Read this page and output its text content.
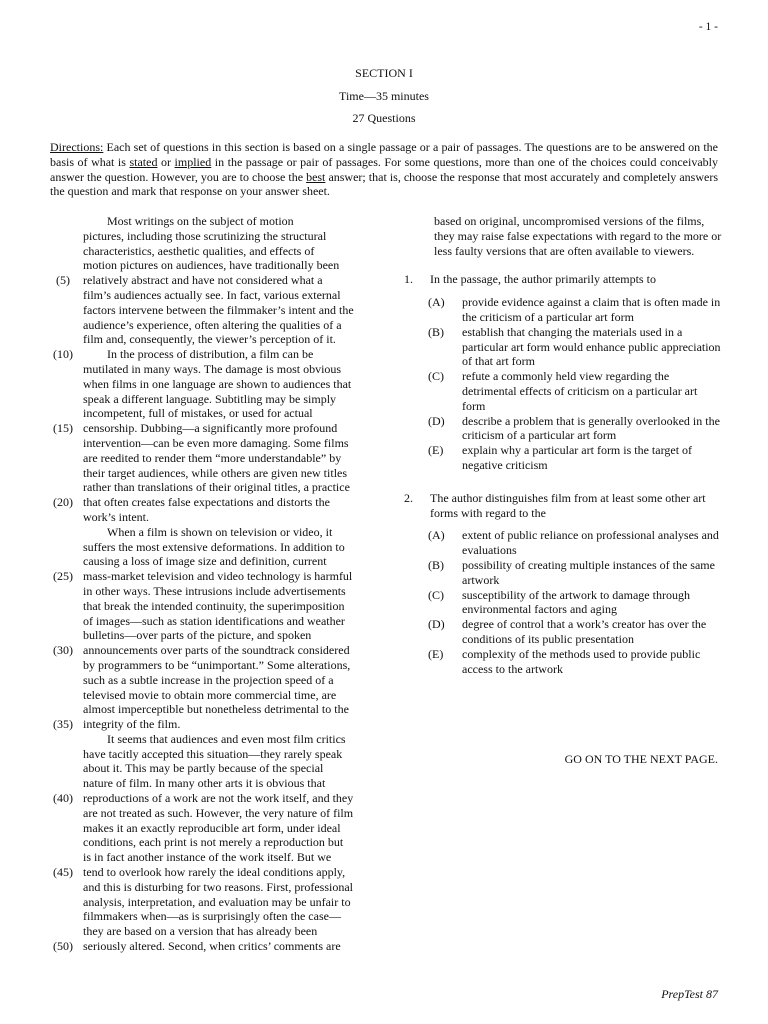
- 1 -
SECTION I
Time—35 minutes
27 Questions
Directions: Each set of questions in this section is based on a single passage or a pair of passages. The questions are to be answered on the basis of what is stated or implied in the passage or pair of passages. For some questions, more than one of the choices could conceivably answer the question. However, you are to choose the best answer; that is, choose the response that most accurately and completely answers the question and mark that response on your answer sheet.
Most writings on the subject of motion
pictures, including those scrutinizing the structural
characteristics, aesthetic qualities, and effects of
motion pictures on audiences, have traditionally been
(5)	relatively abstract and have not considered what a
film’s audiences actually see. In fact, various external
factors intervene between the filmmaker’s intent and the
audience’s experience, often altering the qualities of a
film and, consequently, the viewer’s perception of it.
(10) In the process of distribution, a film can be
mutilated in many ways. The damage is most obvious
when films in one language are shown to audiences that
speak a different language. Subtitling may be simply
incompetent, full of mistakes, or used for actual
(15) censorship. Dubbing—a significantly more profound
intervention—can be even more damaging. Some films
are reedited to render them “more understandable” by
their target audiences, while others are given new titles
rather than translations of their original titles, a practice
(20) that often creates false expectations and distorts the
work’s intent.
When a film is shown on television or video, it
suffers the most extensive deformations. In addition to
causing a loss of image size and definition, current
(25) mass-market television and video technology is harmful
in other ways. These intrusions include advertisements
that break the intended continuity, the superimposition
of images—such as station identifications and weather
bulletins—over parts of the picture, and spoken
(30) announcements over parts of the soundtrack considered
by programmers to be “unimportant.” Some alterations,
such as a subtle increase in the projection speed of a
televised movie to obtain more commercial time, are
almost imperceptible but nonetheless detrimental to the
(35) integrity of the film.
It seems that audiences and even most film critics
have tacitly accepted this situation—they rarely speak
about it. This may be partly because of the special
nature of film. In many other arts it is obvious that
(40) reproductions of a work are not the work itself, and they
are not treated as such. However, the very nature of film
makes it an exactly reproducible art form, under ideal
conditions, each print is not merely a reproduction but
is in fact another instance of the work itself. But we
(45) tend to overlook how rarely the ideal conditions apply,
and this is disturbing for two reasons. First, professional
analysis, interpretation, and evaluation may be unfair to
filmmakers when—as is surprisingly often the case—
they are based on a version that has already been
(50) seriously altered. Second, when critics’ comments are
based on original, uncompromised versions of the films, they may raise false expectations with regard to the more or less faulty versions that are often available to viewers.
1. In the passage, the author primarily attempts to
(A) provide evidence against a claim that is often made in the criticism of a particular art form
(B) establish that changing the materials used in a particular art form would enhance public appreciation of that art form
(C) refute a commonly held view regarding the detrimental effects of criticism on a particular art form
(D) describe a problem that is generally overlooked in the criticism of a particular art form
(E) explain why a particular art form is the target of negative criticism
2. The author distinguishes film from at least some other art forms with regard to the
(A) extent of public reliance on professional analyses and evaluations
(B) possibility of creating multiple instances of the same artwork
(C) susceptibility of the artwork to damage through environmental factors and aging
(D) degree of control that a work’s creator has over the conditions of its public presentation
(E) complexity of the methods used to provide public access to the artwork
GO ON TO THE NEXT PAGE.
PrepTest 87
